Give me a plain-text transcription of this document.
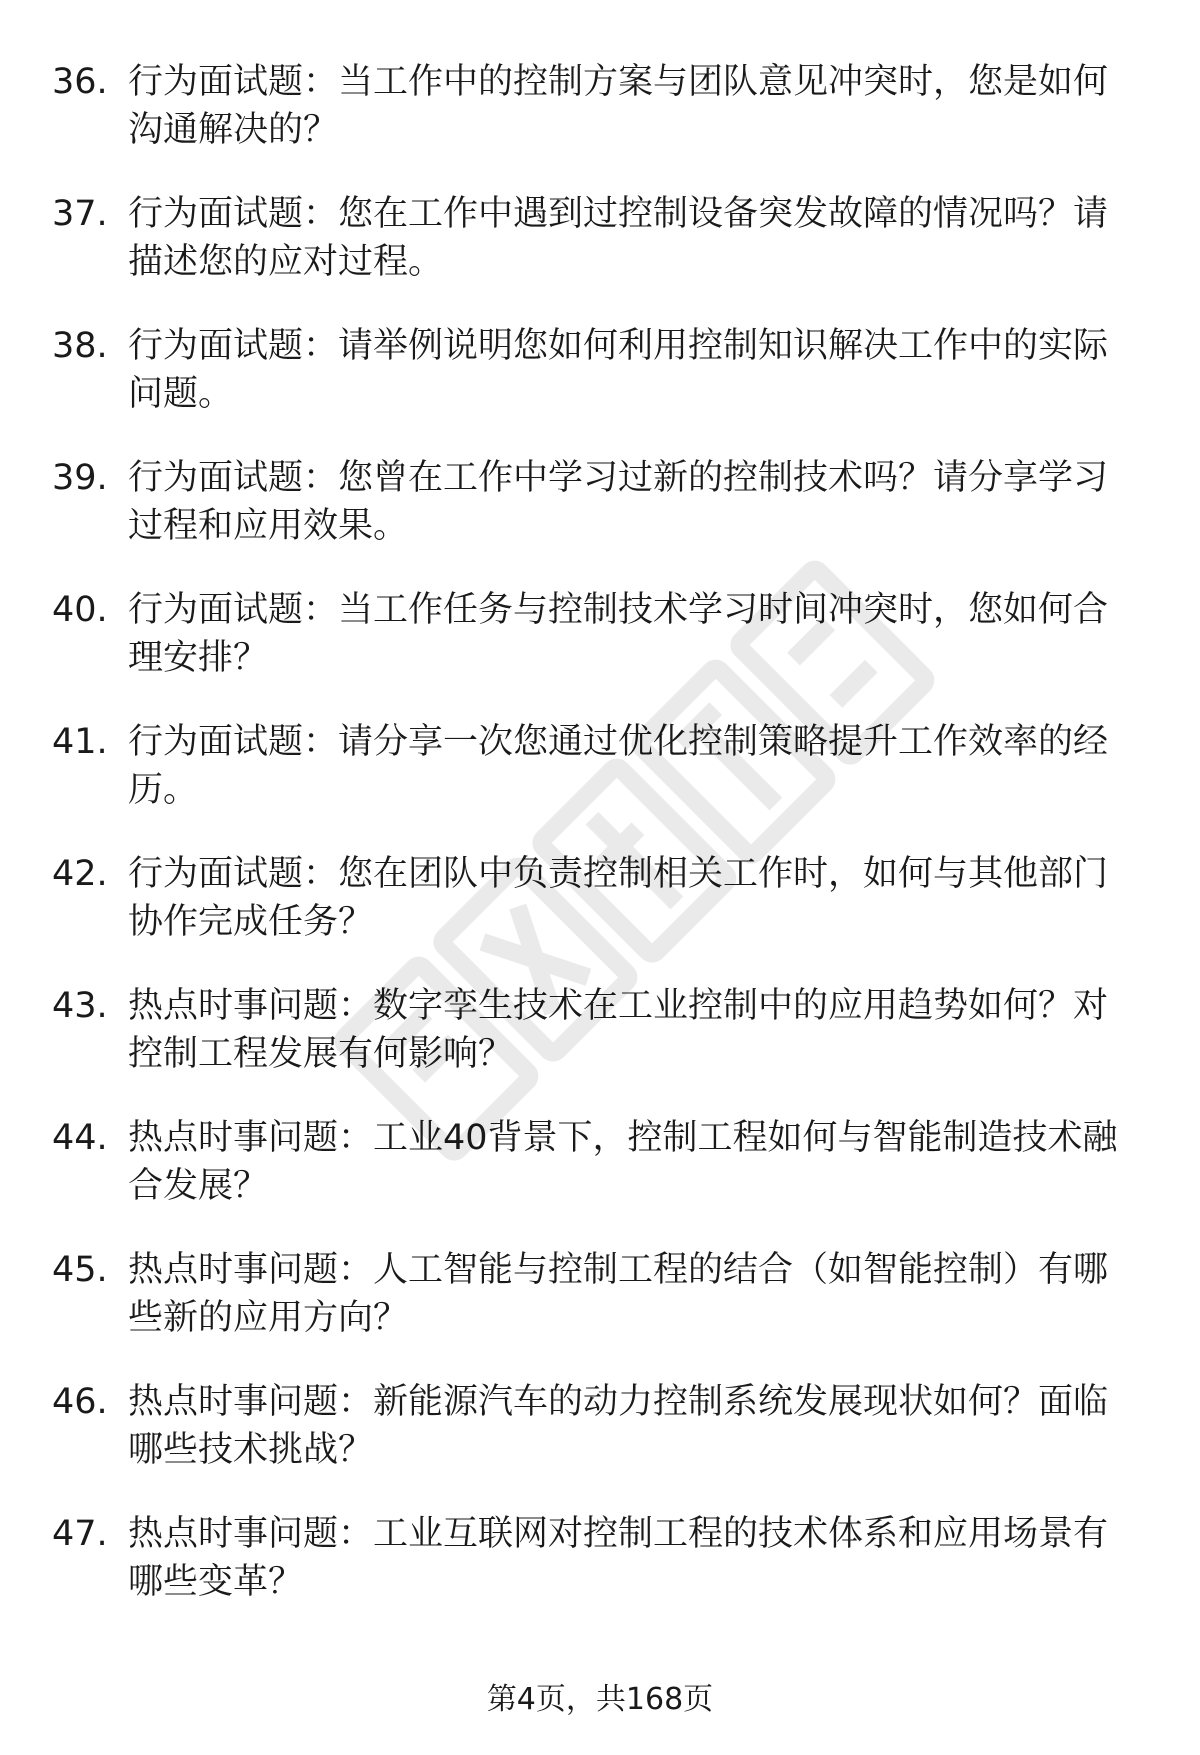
36. 行为面试题：当工作中的控制方案与团队意见冲突时，您是如何
沟通解决的？
37. 行为面试题：您在工作中遇到过控制设备突发故障的情况吗？请
描述您的应对过程。
38. 行为面试题：请举例说明您如何利用控制知识解决工作中的实际
问题。
39. 行为面试题：您曾在工作中学习过新的控制技术吗？请分享学习
过程和应用效果。
40. 行为面试题：当工作任务与控制技术学习时间冲突时，您如何合
理安排？
41. 行为面试题：请分享一次您通过优化控制策略提升工作效率的经
历。
42. 行为面试题：您在团队中负责控制相关工作时，如何与其他部门
协作完成任务？
43. 热点时事问题：数字孪生技术在工业控制中的应用趋势如何？对
控制工程发展有何影响？
44. 热点时事问题：工业40背景下，控制工程如何与智能制造技术融
合发展？
45. 热点时事问题：人工智能与控制工程的结合（如智能控制）有哪
些新的应用方向？
46. 热点时事问题：新能源汽车的动力控制系统发展现状如何？面临
哪些技术挑战？
47. 热点时事问题：工业互联网对控制工程的技术体系和应用场景有
哪些变革？
第4页，共168页
